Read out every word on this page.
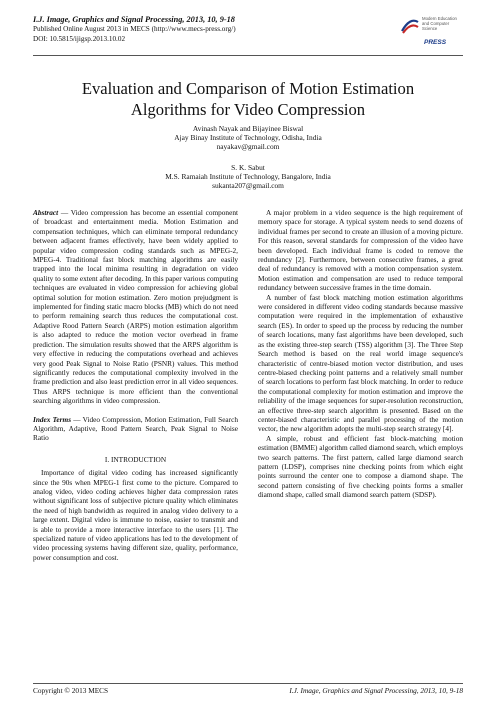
I.J. Image, Graphics and Signal Processing, 2013, 10, 9-18
Published Online August 2013 in MECS (http://www.mecs-press.org/)
DOI: 10.5815/ijigsp.2013.10.02
Modern Education and Computer Science
PRESS
Evaluation and Comparison of Motion Estimation
Algorithms for Video Compression
Avinash Nayak and Bijayinee Biswal
Ajay Binay Institute of Technology, Odisha, India
nayakav@gmail.com
S. K. Sabut
M.S. Ramaiah Institute of Technology, Bangalore, India
sukanta207@gmail.com

Abstract — Video compression has become an essential component of broadcast and entertainment media. Motion Estimation and compensation techniques, which can eliminate temporal redundancy between adjacent frames effectively, have been widely applied to popular video compression coding standards such as MPEG-2, MPEG-4. Traditional fast block matching algorithms are easily trapped into the local minima resulting in degradation on video quality to some extent after decoding. In this paper various computing techniques are evaluated in video compression for achieving global optimal solution for motion estimation. Zero motion prejudgment is implemented for finding static macro blocks (MB) which do not need to perform remaining search thus reduces the computational cost. Adaptive Rood Pattern Search (ARPS) motion estimation algorithm is also adapted to reduce the motion vector overhead in frame prediction. The simulation results showed that the ARPS algorithm is very effective in reducing the computations overhead and achieves very good Peak Signal to Noise Ratio (PSNR) values. This method significantly reduces the computational complexity involved in the frame prediction and also least prediction error in all video sequences. Thus ARPS technique is more efficient than the conventional searching algorithms in video compression.

Index Terms — Video Compression, Motion Estimation, Full Search Algorithm, Adaptive, Rood Pattern Search, Peak Signal to Noise Ratio

I. INTRODUCTION

Importance of digital video coding has increased significantly since the 90s when MPEG-1 first come to the picture. Compared to analog video, video coding achieves higher data compression rates without significant loss of subjective picture quality which eliminates the need of high bandwidth as required in analog video delivery to a large extent. Digital video is immune to noise, easier to transmit and is able to provide a more interactive interface to the users [1]. The specialized nature of video applications has led to the development of video processing systems having different size, quality, performance, power consumption and cost.

A major problem in a video sequence is the high requirement of memory space for storage. A typical system needs to send dozens of individual frames per second to create an illusion of a moving picture. For this reason, several standards for compression of the video have been developed. Each individual frame is coded to remove the redundancy [2]. Furthermore, between consecutive frames, a great deal of redundancy is removed with a motion compensation system. Motion estimation and compensation are used to reduce temporal redundancy between successive frames in the time domain.

A number of fast block matching motion estimation algorithms were considered in different video coding standards because massive computation were required in the implementation of exhaustive search (ES). In order to speed up the process by reducing the number of search locations, many fast algorithms have been developed, such as the existing three-step search (TSS) algorithm [3]. The Three Step Search method is based on the real world image sequence's characteristic of centre-biased motion vector distribution, and uses centre-biased checking point patterns and a relatively small number of search locations to perform fast block matching. In order to reduce the computational complexity for motion estimation and improve the reliability of the image sequences for super-resolution reconstruction, an effective three-step search algorithm is presented. Based on the center-biased characteristic and parallel processing of the motion vector, the new algorithm adopts the multi-step search strategy [4].

A simple, robust and efficient fast block-matching motion estimation (BMME) algorithm called diamond search, which employs two search patterns. The first pattern, called large diamond search pattern (LDSP), comprises nine checking points from which eight points surround the center one to compose a diamond shape. The second pattern consisting of five checking points forms a smaller diamond shape, called small diamond search pattern (SDSP).

Copyright © 2013 MECS	I.J. Image, Graphics and Signal Processing, 2013, 10, 9-18
